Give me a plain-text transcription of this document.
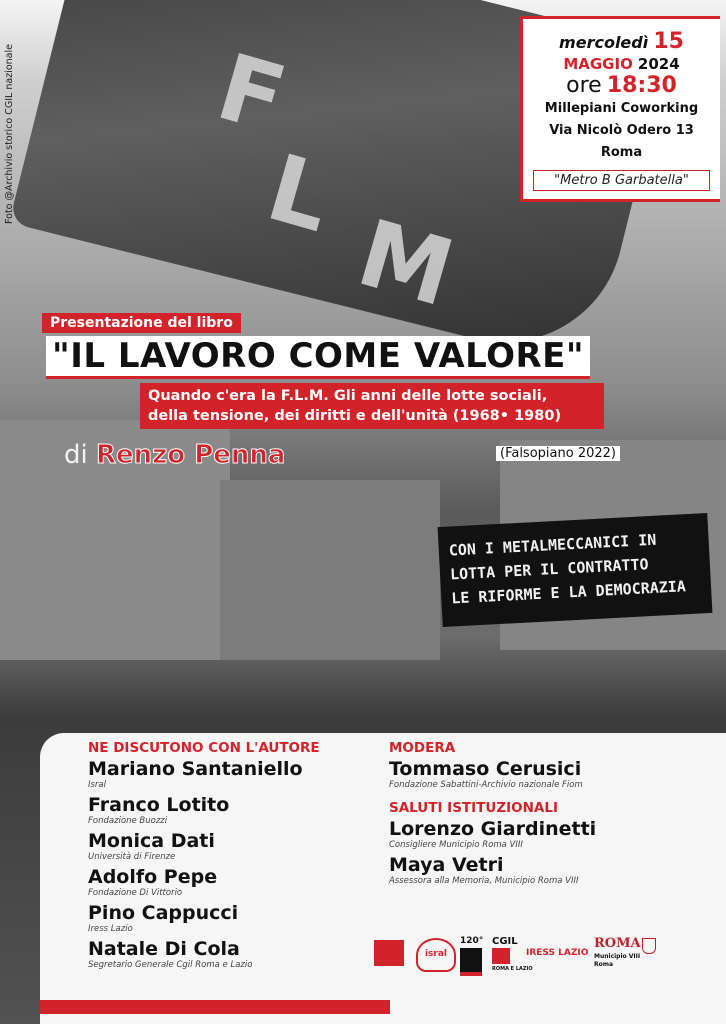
F
L
M
CON I METALMECCANICI IN
LOTTA PER IL CONTRATTO
LE RIFORME E LA DEMOCRAZIA
Foto @Archivio storico CGIL nazionale
mercoledì 15
MAGGIO 2024
ore 18:30
Millepiani Coworking
Via Nicolò Odero 13
Roma
"Metro B Garbatella"
Presentazione del libro
"IL LAVORO COME VALORE"
Quando c'era la F.L.M. Gli anni delle lotte sociali,
della tensione, dei diritti e dell'unità (1968• 1980)
di Renzo Penna	(Falsopiano 2022)
NE DISCUTONO CON L'AUTORE
Mariano Santaniello
Isral
Franco Lotito
Fondazione Buozzi
Monica Dati
Università di Firenze
Adolfo Pepe
Fondazione Di Vittorio
Pino Cappucci
Iress Lazio
Natale Di Cola
Segretario Generale Cgil Roma e Lazio
MODERA
Tommaso Cerusici
Fondazione Sabattini-Archivio nazionale Fiom
SALUTI ISTITUZIONALI
Lorenzo Giardinetti
Consigliere Municipio Roma VIII
Maya Vetri
Assessora alla Memoria, Municipio Roma VIII
isral
120° CGIL
ROMA E LAZIO
IRESS LAZIO
ROMA
Municipio VIII
Roma
